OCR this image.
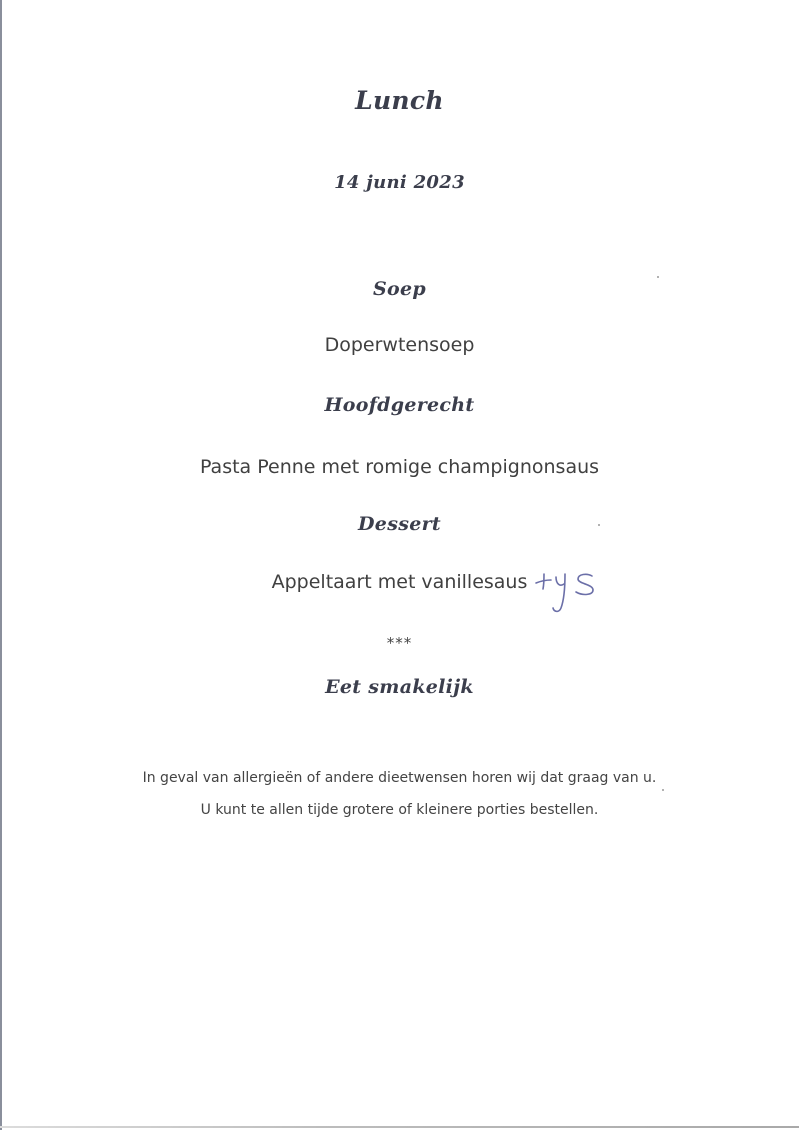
Lunch
14 juni 2023
Soep
Doperwtensoep
Hoofdgerecht
Pasta Penne met romige champignonsaus
Dessert
Appeltaart met vanillesaus
***
Eet smakelijk
In geval van allergieën of andere dieetwensen horen wij dat graag van u.
U kunt te allen tijde grotere of kleinere porties bestellen.
